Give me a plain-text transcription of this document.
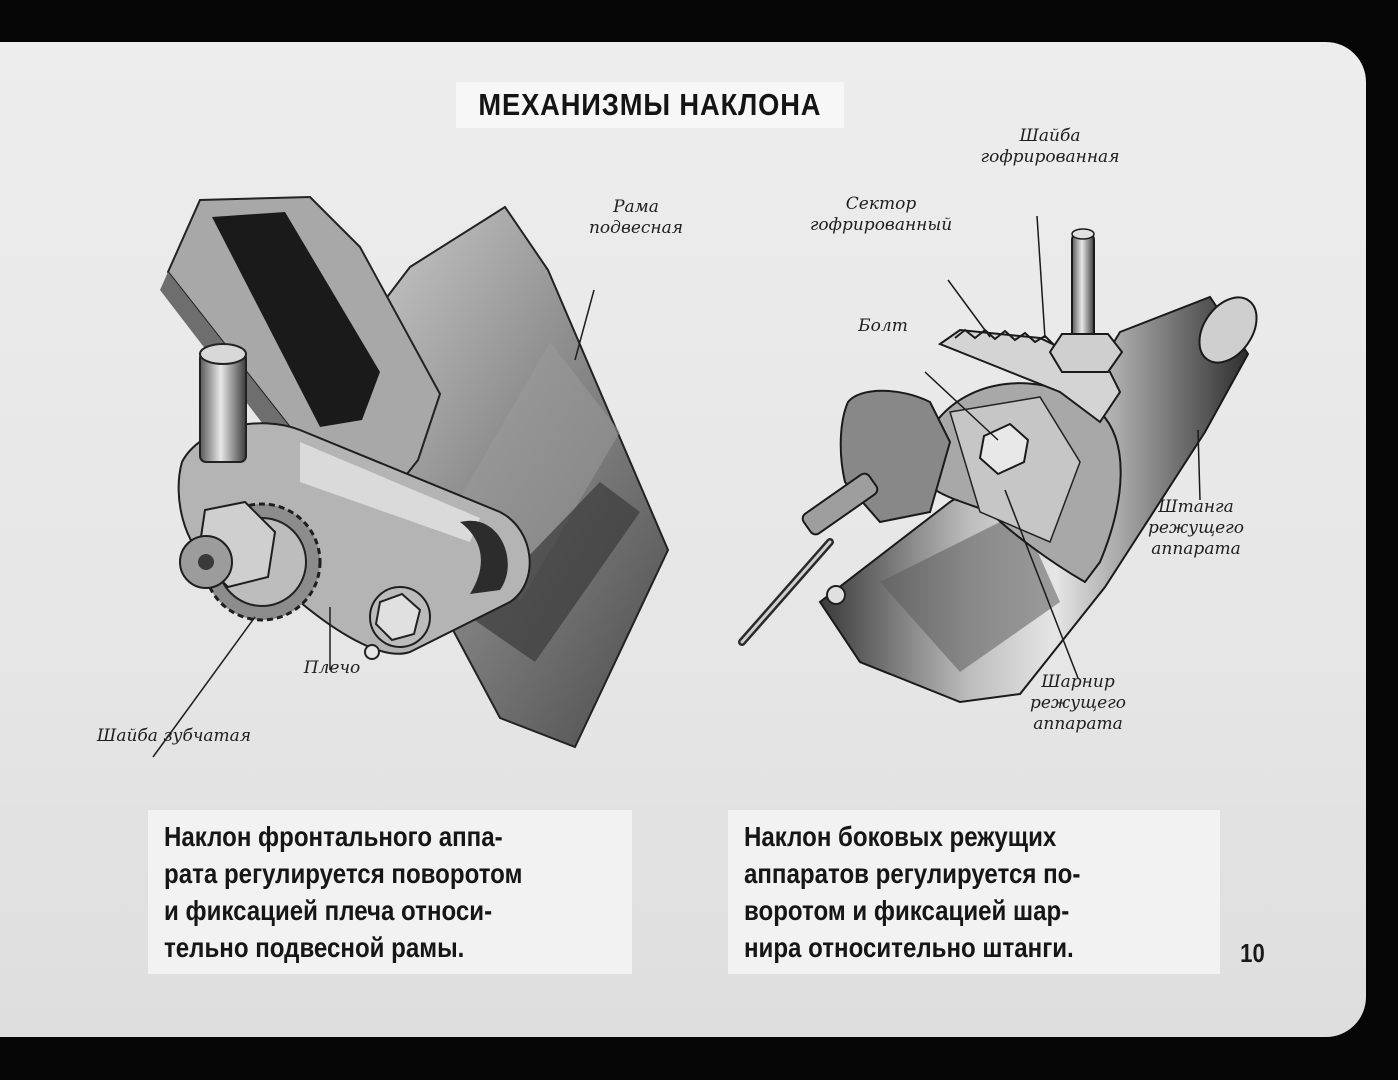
МЕХАНИЗМЫ НАКЛОНА
Рама
подвесная
Плечо
Шайба зубчатая
Шайба
гофрированная
Сектор
гофрированный
Болт
Штанга
режущего
аппарата
Шарнир
режущего
аппарата
Наклон фронтального аппа-
рата регулируется поворотом
и фиксацией плеча относи-
тельно подвесной рамы.
Наклон боковых режущих
аппаратов регулируется по-
воротом и фиксацией шар-
нира относительно штанги.	10
